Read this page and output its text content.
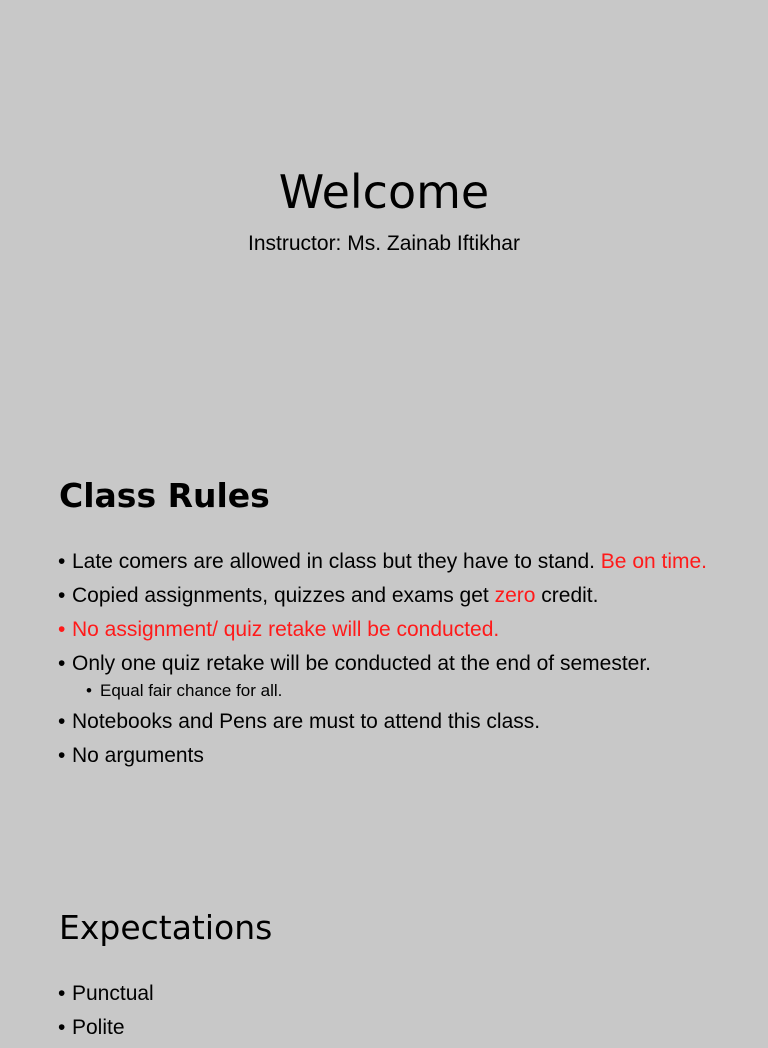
Welcome
Instructor: Ms. Zainab Iftikhar
Class Rules
• Late comers are allowed in class but they have to stand. Be on time.
• Copied assignments, quizzes and exams get zero credit.
• No assignment/ quiz retake will be conducted.
• Only one quiz retake will be conducted at the end of semester.
• Equal fair chance for all.
• Notebooks and Pens are must to attend this class.
• No arguments
Expectations
• Punctual
• Polite
